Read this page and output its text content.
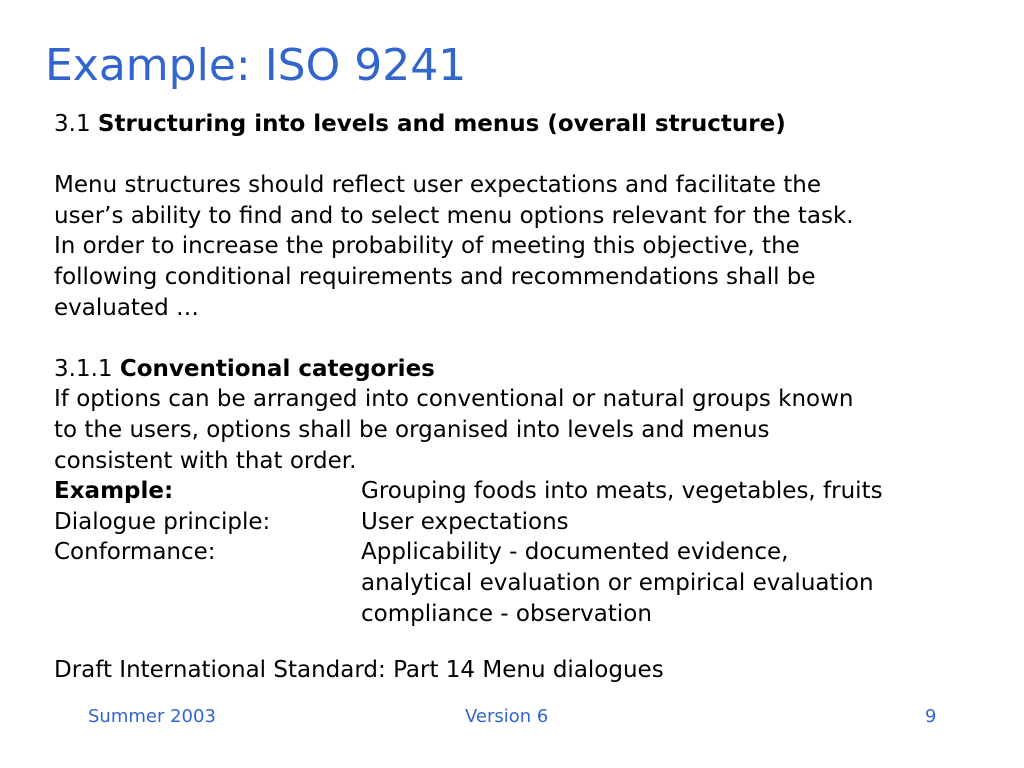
Example: ISO 9241
3.1 Structuring into levels and menus (overall structure)
Menu structures should reflect user expectations and facilitate the
user’s ability to find and to select menu options relevant for the task.
In order to increase the probability of meeting this objective, the
following conditional requirements and recommendations shall be
evaluated …
3.1.1 Conventional categories
If options can be arranged into conventional or natural groups known
to the users, options shall be organised into levels and menus
consistent with that order.
Example:	Grouping foods into meats, vegetables, fruits
Dialogue principle:	User expectations
Conformance:	Applicability - documented evidence,
analytical evaluation or empirical evaluation
compliance - observation
Draft International Standard: Part 14 Menu dialogues
Summer 2003	Version 6	9
